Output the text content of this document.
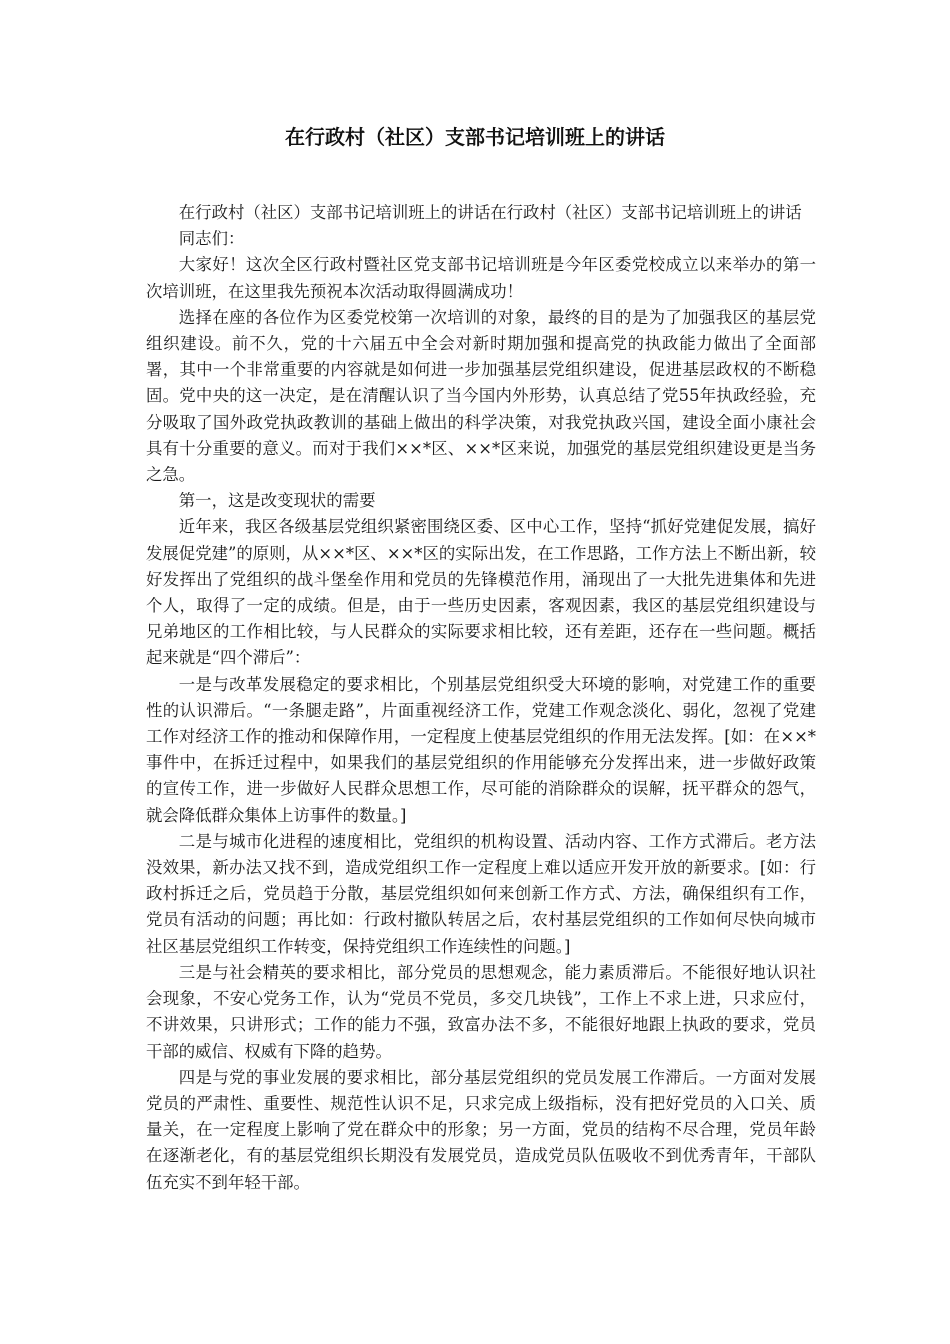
在行政村（社区）支部书记培训班上的讲话

在行政村（社区）支部书记培训班上的讲话在行政村（社区）支部书记培训班上的讲话

同志们：

大家好！这次全区行政村暨社区党支部书记培训班是今年区委党校成立以来举办的第一次培训班，在这里我先预祝本次活动取得圆满成功！

选择在座的各位作为区委党校第一次培训的对象，最终的目的是为了加强我区的基层党组织建设。前不久，党的十六届五中全会对新时期加强和提高党的执政能力做出了全面部署，其中一个非常重要的内容就是如何进一步加强基层党组织建设，促进基层政权的不断稳固。党中央的这一决定，是在清醒认识了当今国内外形势，认真总结了党55年执政经验，充分吸取了国外政党执政教训的基础上做出的科学决策，对我党执政兴国，建设全面小康社会具有十分重要的意义。而对于我们××*区、××*区来说，加强党的基层党组织建设更是当务之急。

第一，这是改变现状的需要

近年来，我区各级基层党组织紧密围绕区委、区中心工作，坚持“抓好党建促发展，搞好发展促党建”的原则，从××*区、××*区的实际出发，在工作思路，工作方法上不断出新，较好发挥出了党组织的战斗堡垒作用和党员的先锋模范作用，涌现出了一大批先进集体和先进个人，取得了一定的成绩。但是，由于一些历史因素，客观因素，我区的基层党组织建设与兄弟地区的工作相比较，与人民群众的实际要求相比较，还有差距，还存在一些问题。概括起来就是“四个滞后”：

一是与改革发展稳定的要求相比，个别基层党组织受大环境的影响，对党建工作的重要性的认识滞后。“一条腿走路”，片面重视经济工作，党建工作观念淡化、弱化，忽视了党建工作对经济工作的推动和保障作用，一定程度上使基层党组织的作用无法发挥。[如：在××*事件中，在拆迁过程中，如果我们的基层党组织的作用能够充分发挥出来，进一步做好政策的宣传工作，进一步做好人民群众思想工作，尽可能的消除群众的误解，抚平群众的怨气，就会降低群众集体上访事件的数量。]

二是与城市化进程的速度相比，党组织的机构设置、活动内容、工作方式滞后。老方法没效果，新办法又找不到，造成党组织工作一定程度上难以适应开发开放的新要求。[如：行政村拆迁之后，党员趋于分散，基层党组织如何来创新工作方式、方法，确保组织有工作，党员有活动的问题；再比如：行政村撤队转居之后，农村基层党组织的工作如何尽快向城市社区基层党组织工作转变，保持党组织工作连续性的问题。]

三是与社会精英的要求相比，部分党员的思想观念，能力素质滞后。不能很好地认识社会现象，不安心党务工作，认为“党员不党员，多交几块钱”，工作上不求上进，只求应付，不讲效果，只讲形式；工作的能力不强，致富办法不多，不能很好地跟上执政的要求，党员干部的威信、权威有下降的趋势。

四是与党的事业发展的要求相比，部分基层党组织的党员发展工作滞后。一方面对发展党员的严肃性、重要性、规范性认识不足，只求完成上级指标，没有把好党员的入口关、质量关，在一定程度上影响了党在群众中的形象；另一方面，党员的结构不尽合理，党员年龄在逐渐老化，有的基层党组织长期没有发展党员，造成党员队伍吸收不到优秀青年，干部队伍充实不到年轻干部。
